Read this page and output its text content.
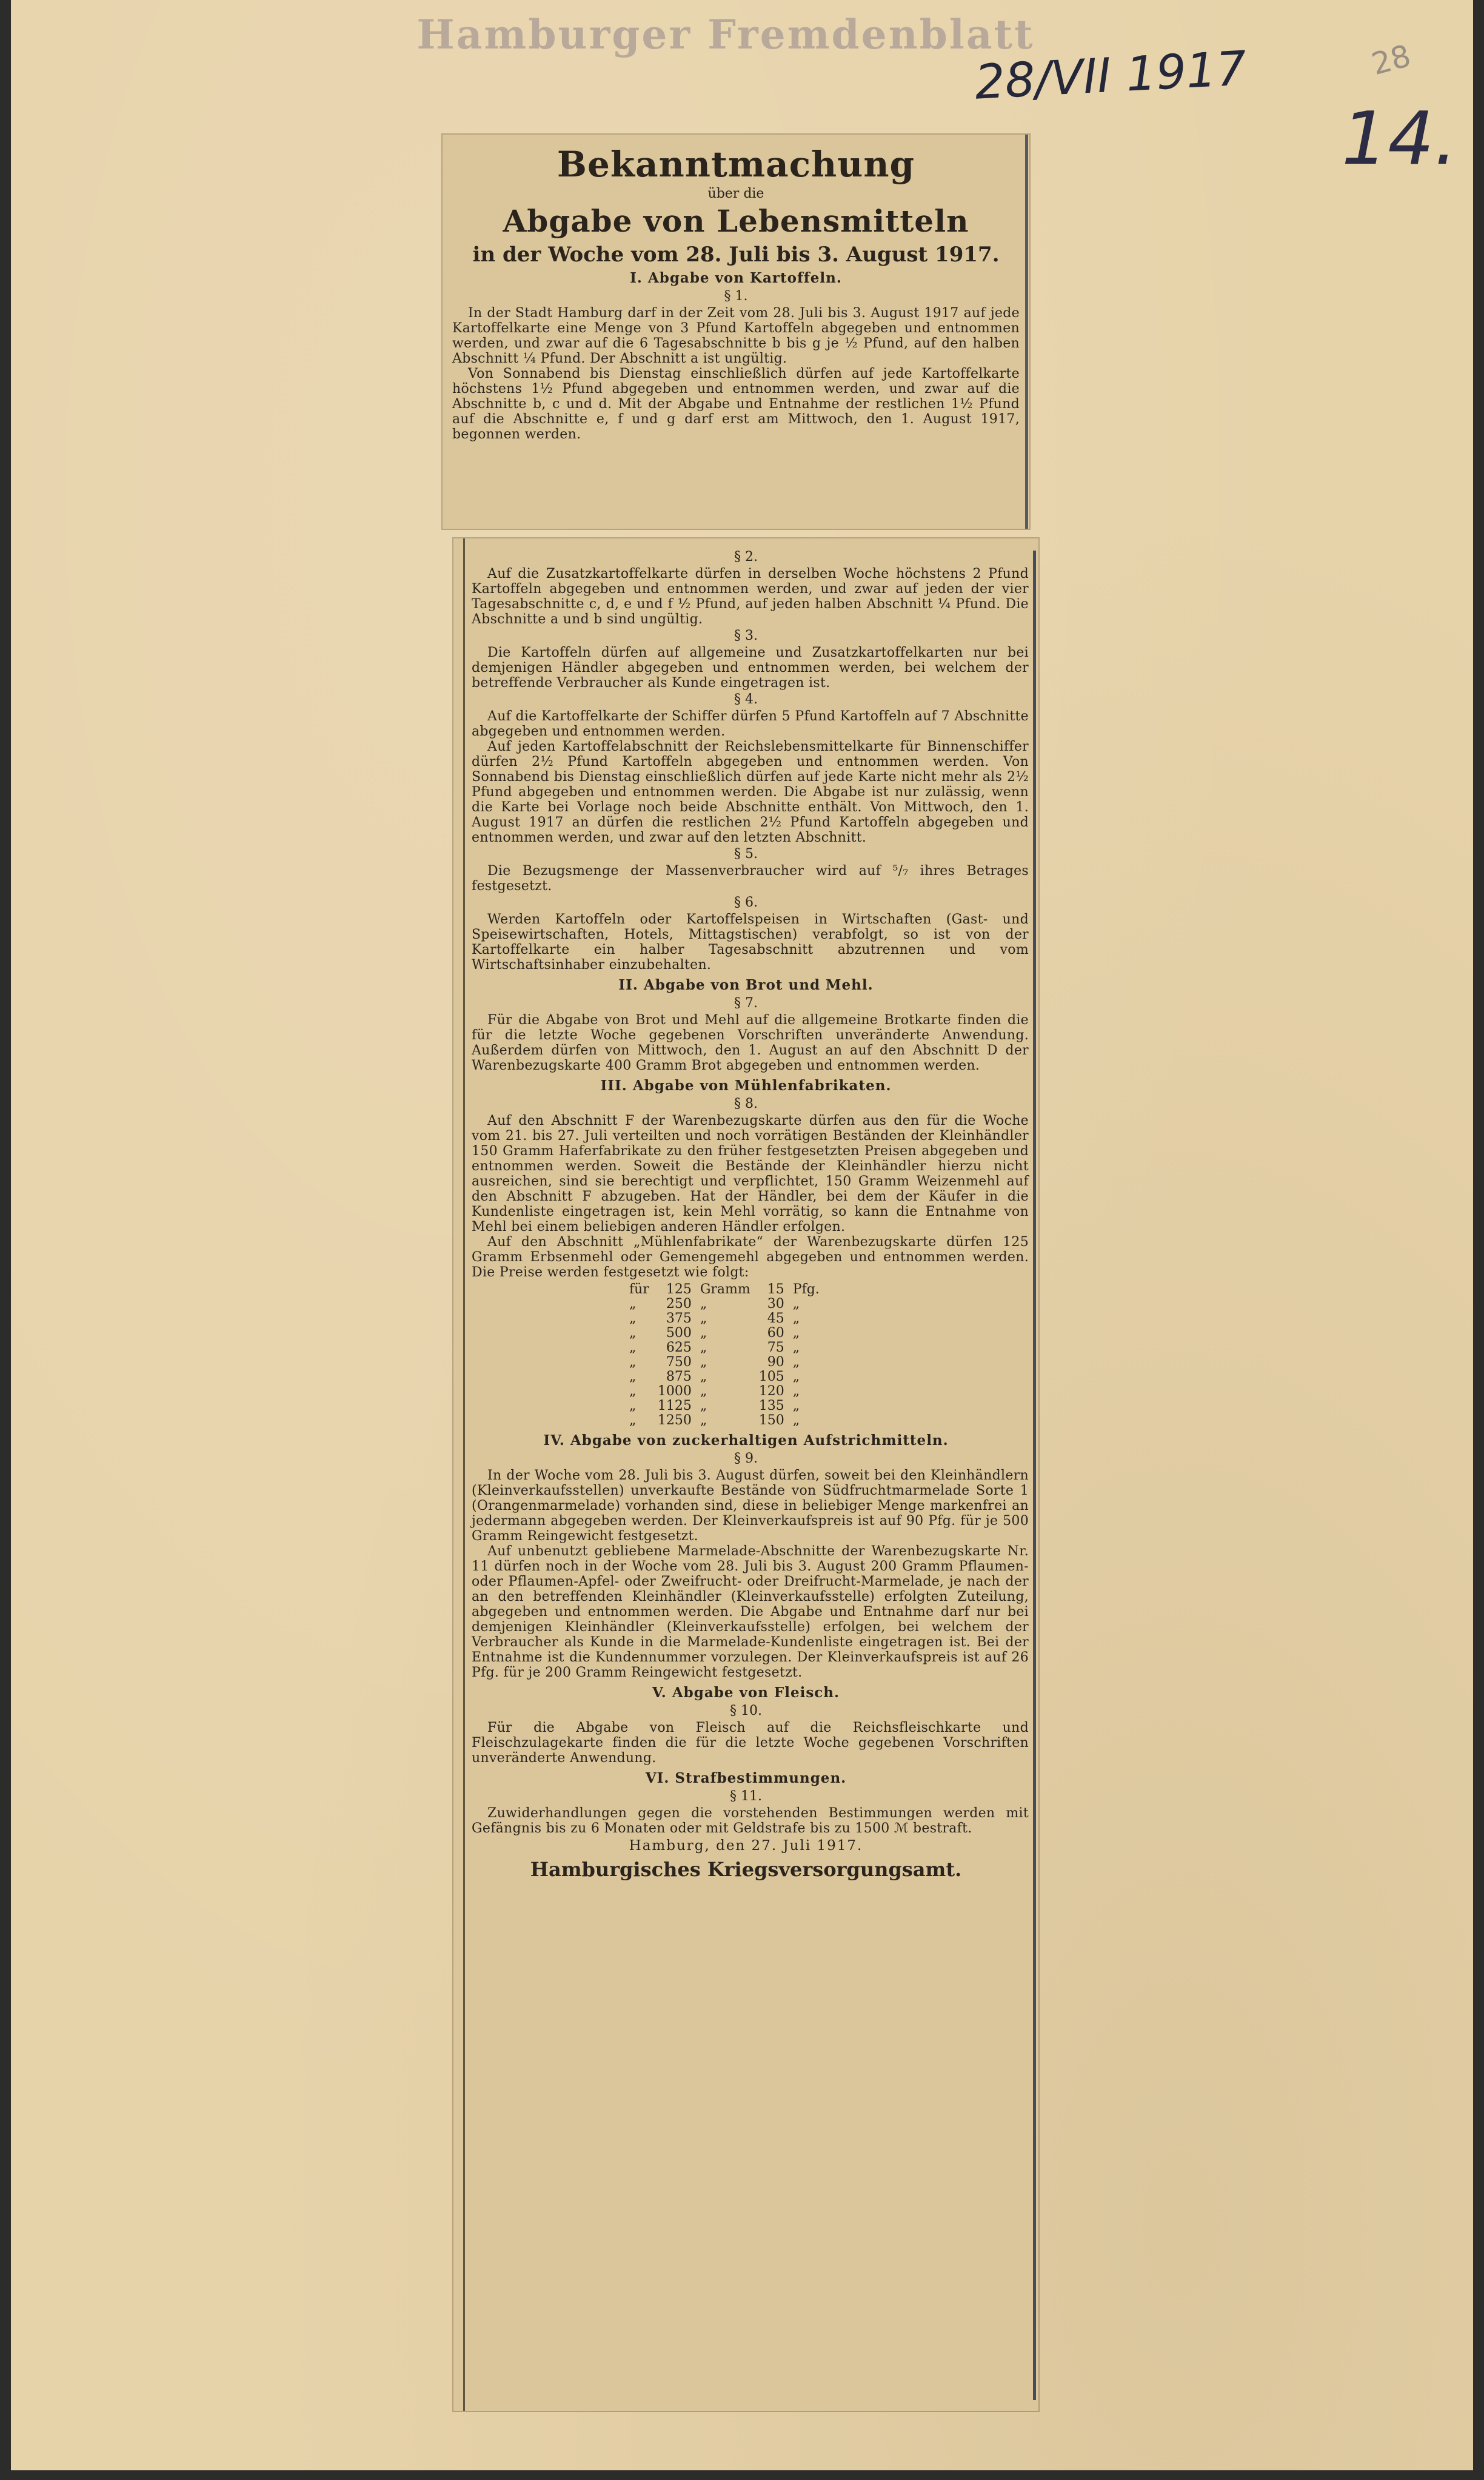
Hamburger Fremdenblatt
28/VII 1917	28
14.
Bekanntmachung
über die
Abgabe von Lebensmitteln
in der Woche vom 28. Juli bis 3. August 1917.
I. Abgabe von Kartoffeln.
§ 1.

In der Stadt Hamburg darf in der Zeit vom 28. Juli bis 3. August 1917 auf jede Kartoffelkarte eine Menge von 3 Pfund Kartoffeln abgegeben und entnommen werden, und zwar auf die 6 Tagesabschnitte b bis g je ½ Pfund, auf den halben Abschnitt ¼ Pfund. Der Abschnitt a ist ungültig.

Von Sonnabend bis Dienstag einschließlich dürfen auf jede Kartoffelkarte höchstens 1½ Pfund abgegeben und entnommen werden, und zwar auf die Abschnitte b, c und d. Mit der Abgabe und Entnahme der restlichen 1½ Pfund auf die Abschnitte e, f und g darf erst am Mittwoch, den 1. August 1917, begonnen werden.

§ 2.

Auf die Zusatzkartoffelkarte dürfen in derselben Woche höchstens 2 Pfund Kartoffeln abgegeben und entnommen werden, und zwar auf jeden der vier Tagesabschnitte c, d, e und f ½ Pfund, auf jeden halben Abschnitt ¼ Pfund. Die Abschnitte a und b sind ungültig.

§ 3.

Die Kartoffeln dürfen auf allgemeine und Zusatzkartoffelkarten nur bei demjenigen Händler abgegeben und entnommen werden, bei welchem der betreffende Verbraucher als Kunde eingetragen ist.

§ 4.

Auf die Kartoffelkarte der Schiffer dürfen 5 Pfund Kartoffeln auf 7 Abschnitte abgegeben und entnommen werden.

Auf jeden Kartoffelabschnitt der Reichslebensmittelkarte für Binnenschiffer dürfen 2½ Pfund Kartoffeln abgegeben und entnommen werden. Von Sonnabend bis Dienstag einschließlich dürfen auf jede Karte nicht mehr als 2½ Pfund abgegeben und entnommen werden. Die Abgabe ist nur zulässig, wenn die Karte bei Vorlage noch beide Abschnitte enthält. Von Mittwoch, den 1. August 1917 an dürfen die restlichen 2½ Pfund Kartoffeln abgegeben und entnommen werden, und zwar auf den letzten Abschnitt.

§ 5.

Die Bezugsmenge der Massenverbraucher wird auf ⁵/₇ ihres Betrages festgesetzt.

§ 6.

Werden Kartoffeln oder Kartoffelspeisen in Wirtschaften (Gast- und Speisewirtschaften, Hotels, Mittagstischen) verabfolgt, so ist von der Kartoffelkarte ein halber Tagesabschnitt abzutrennen und vom Wirtschaftsinhaber einzubehalten.

II. Abgabe von Brot und Mehl.
§ 7.

Für die Abgabe von Brot und Mehl auf die allgemeine Brotkarte finden die für die letzte Woche gegebenen Vorschriften unveränderte Anwendung. Außerdem dürfen von Mittwoch, den 1. August an auf den Abschnitt D der Warenbezugskarte 400 Gramm Brot abgegeben und entnommen werden.

III. Abgabe von Mühlenfabrikaten.
§ 8.

Auf den Abschnitt F der Warenbezugskarte dürfen aus den für die Woche vom 21. bis 27. Juli verteilten und noch vorrätigen Beständen der Kleinhändler 150 Gramm Haferfabrikate zu den früher festgesetzten Preisen abgegeben und entnommen werden. Soweit die Bestände der Kleinhändler hierzu nicht ausreichen, sind sie berechtigt und verpflichtet, 150 Gramm Weizenmehl auf den Abschnitt F abzugeben. Hat der Händler, bei dem der Käufer in die Kundenliste eingetragen ist, kein Mehl vorrätig, so kann die Entnahme von Mehl bei einem beliebigen anderen Händler erfolgen.

Auf den Abschnitt „Mühlenfabrikate“ der Warenbezugskarte dürfen 125 Gramm Erbsenmehl oder Gemengemehl abgegeben und entnommen werden. Die Preise werden festgesetzt wie folgt:

für	125	Gramm	15	Pfg.
„	250	„	30	„
„	375	„	45	„
„	500	„	60	„
„	625	„	75	„
„	750	„	90	„
„	875	„	105	„
„	1000	„	120	„
„	1125	„	135	„
„	1250	„	150	„
IV. Abgabe von zuckerhaltigen Aufstrichmitteln.
§ 9.

In der Woche vom 28. Juli bis 3. August dürfen, soweit bei den Kleinhändlern (Kleinverkaufsstellen) unverkaufte Bestände von Südfruchtmarmelade Sorte 1 (Orangenmarmelade) vorhanden sind, diese in beliebiger Menge markenfrei an jedermann abgegeben werden. Der Kleinverkaufspreis ist auf 90 Pfg. für je 500 Gramm Reingewicht festgesetzt.

Auf unbenutzt gebliebene Marmelade-Abschnitte der Warenbezugskarte Nr. 11 dürfen noch in der Woche vom 28. Juli bis 3. August 200 Gramm Pflaumen- oder Pflaumen-Apfel- oder Zweifrucht- oder Dreifrucht-Marmelade, je nach der an den betreffenden Kleinhändler (Kleinverkaufsstelle) erfolgten Zuteilung, abgegeben und entnommen werden. Die Abgabe und Entnahme darf nur bei demjenigen Kleinhändler (Kleinverkaufsstelle) erfolgen, bei welchem der Verbraucher als Kunde in die Marmelade-Kundenliste eingetragen ist. Bei der Entnahme ist die Kundennummer vorzulegen. Der Kleinverkaufspreis ist auf 26 Pfg. für je 200 Gramm Reingewicht festgesetzt.

V. Abgabe von Fleisch.
§ 10.

Für die Abgabe von Fleisch auf die Reichsfleischkarte und Fleischzulagekarte finden die für die letzte Woche gegebenen Vorschriften unveränderte Anwendung.

VI. Strafbestimmungen.
§ 11.

Zuwiderhandlungen gegen die vorstehenden Bestimmungen werden mit Gefängnis bis zu 6 Monaten oder mit Geldstrafe bis zu 1500 ℳ bestraft.

Hamburg, den 27. Juli 1917.
Hamburgisches Kriegsversorgungsamt.
